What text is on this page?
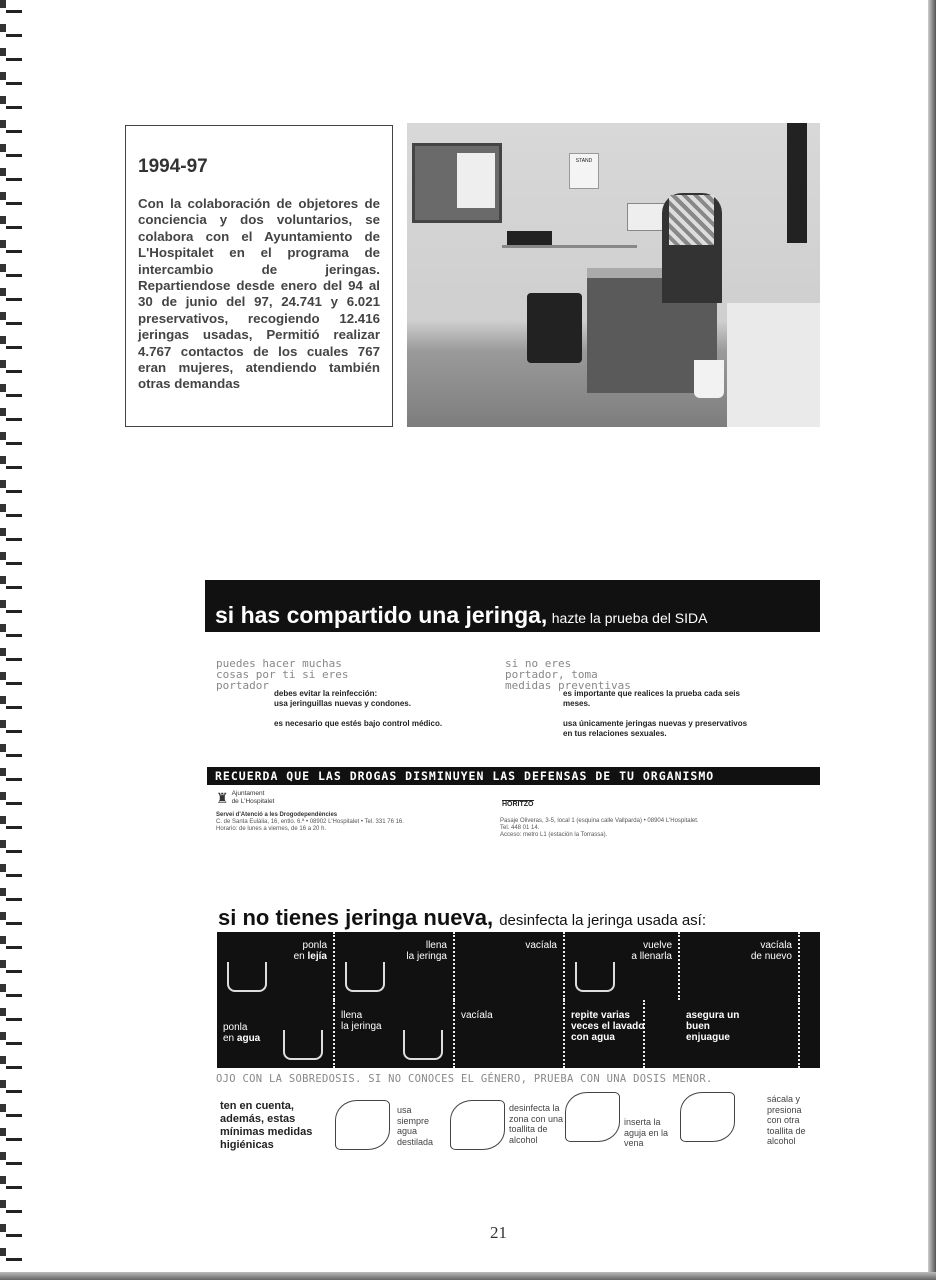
1994-97

Con la colaboración de objetores de conciencia y dos voluntarios, se colabora con el Ayuntamiento de L'Hospitalet en el programa de intercambio de jeringas. Repartiendose desde enero del 94 al 30 de junio del 97, 24.741 y 6.021 preservativos, recogiendo 12.416 jeringas usadas, Permitió realizar 4.767 contactos de los cuales 767 eran mujeres, atendiendo también otras demandas

STAND
si has compartido una jeringa, hazte la prueba del SIDA
puedes hacer muchas
cosas por ti si eres
portador
debes evitar la reinfección:
usa jeringuillas nuevas y condones.
es necesario que estés bajo control médico.
si no eres
portador, toma
medidas preventivas
es importante que realices la prueba cada seis
meses.
usa únicamente jeringas nuevas y preservativos
en tus relaciones sexuales.
RECUERDA QUE LAS DROGAS DISMINUYEN LAS DEFENSAS DE TU ORGANISMO
♜ Ajuntament
de L'Hospitalet
Servei d'Atenció a les Drogodependències
C. de Santa Eulàlia, 16, entlo. 6.ª • 08902 L'Hospitalet • Tel. 331 76 16.
Horario: de lunes a viernes, de 16 a 20 h.
HORITZO
Pasaje Oliveras, 3-5, local 1 (esquina calle Vallparda) • 08904 L'Hospitalet.
Tel. 448 01 14.
Acceso: metro L1 (estación la Torrassa).
si no tienes jeringa nueva, desinfecta la jeringa usada así:
ponla
en lejía
llena
la jeringa
vacíala	vuelve
a llenarla
vacíala
de nuevo
ponla
en agua
llena
la jeringa
vacíala	repite varias veces el lavado con agua
asegura un buen enjuague
OJO CON LA SOBREDOSIS. SI NO CONOCES EL GÉNERO, PRUEBA CON UNA DOSIS MENOR.
ten en cuenta, además, estas mínimas medidas higiénicas
usa siempre agua destilada
desinfecta la zona con una toallita de alcohol
inserta la aguja en la vena
sácala y presiona con otra toallita de alcohol
21
